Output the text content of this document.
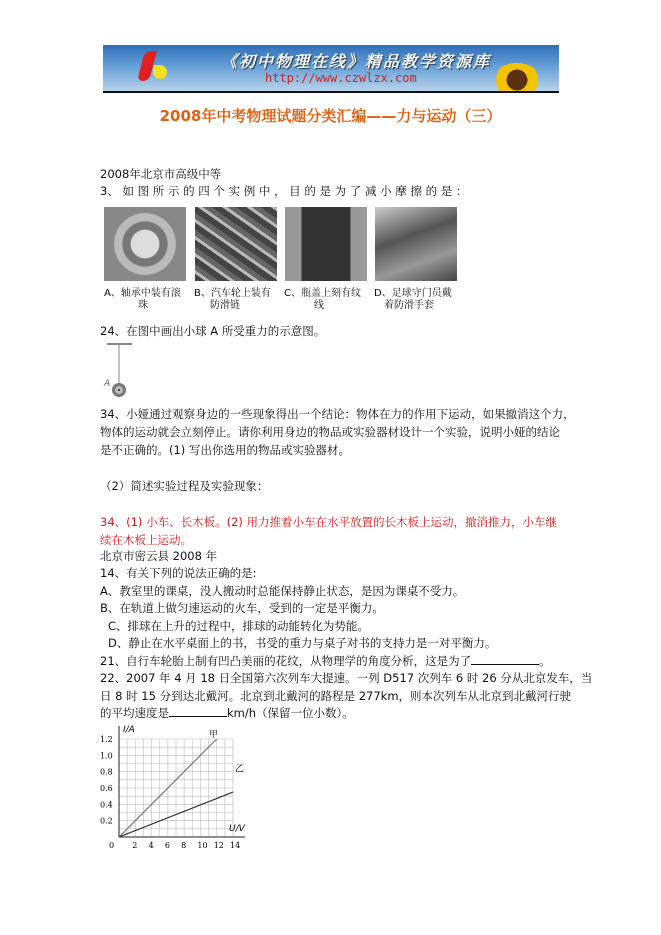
《初中物理在线》精品教学资源库
http://www.czwlzx.com
2008年中考物理试题分类汇编——力与运动（三）
2008年北京市高级中等
3、 如 图 所 示 的 四 个 实 例 中 ， 目 的 是 为 了 减 小 摩 擦 的 是 ：
A、轴承中装有滚
珠
B、汽车轮上装有
防滑链
C、瓶盖上刻有纹
线
D、足球守门员戴
着防滑手套
24、在图中画出小球 A 所受重力的示意图。
A
34、小娅通过观察身边的一些现象得出一个结论：物体在力的作用下运动，如果撤消这个力，
物体的运动就会立刻停止。请你利用身边的物品或实验器材设计一个实验，说明小娅的结论
是不正确的。(1) 写出你选用的物品或实验器材。
（2）简述实验过程及实验现象：
34、(1) 小车、长木板。(2) 用力推着小车在水平放置的长木板上运动，撤消推力，小车继
续在木板上运动。
北京市密云县 2008 年
14、有关下列的说法正确的是:
A、教室里的课桌，没人搬动时总能保持静止状态，是因为课桌不受力。
B、在轨道上做匀速运动的火车，受到的一定是平衡力。
C、排球在上升的过程中，排球的动能转化为势能。
D、静止在水平桌面上的书，书受的重力与桌子对书的支持力是一对平衡力。
21、自行车轮胎上制有凹凸美丽的花纹，从物理学的角度分析，这是为了	。
22、2007 年 4 月 18 日全国第六次列车大提速。一列 D517 次列车 6 时 26 分从北京发车，当
日 8 时 15 分到达北戴河。北京到北戴河的路程是 277km，则本次列车从北京到北戴河行驶
的平均速度是	km/h（保留一位小数）。
I/A
U/V
0 2 4 6 8 10 12 14
0.2
0.4
0.6
0.8
1.0
1.2	甲
乙
